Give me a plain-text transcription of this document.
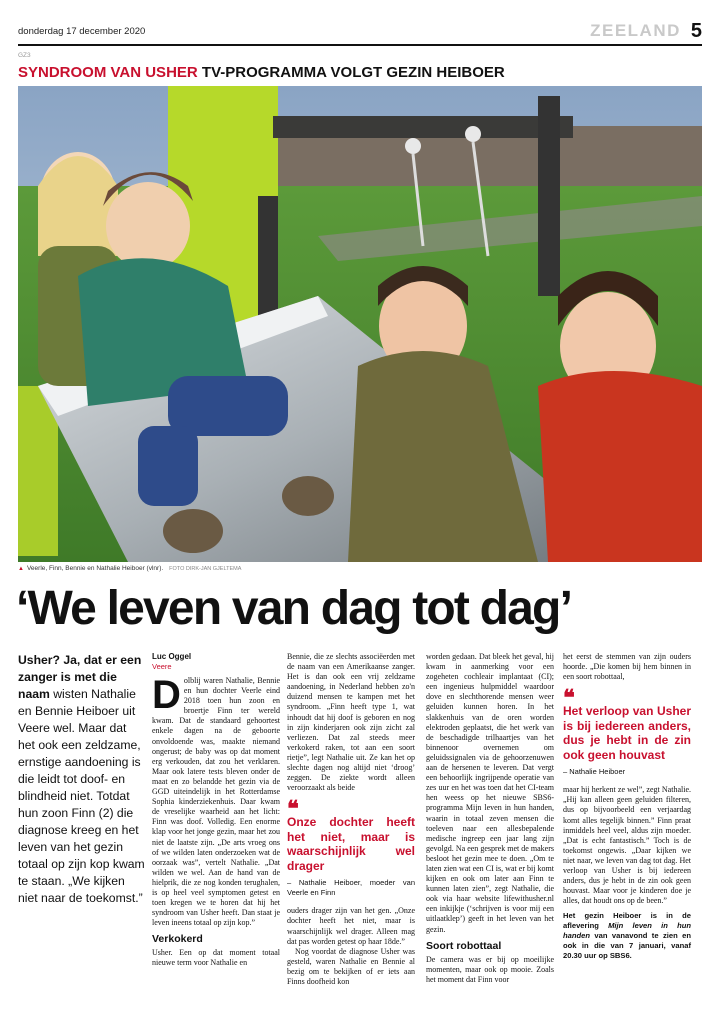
donderdag 17 december 2020	ZEELAND 5
GZ3
SYNDROOM VAN USHER TV-PROGRAMMA VOLGT GEZIN HEIBOER
▲ Veerle, Finn, Bennie en Nathalie Heiboer (vlnr). FOTO DIRK-JAN GJELTEMA
‘We leven van dag tot dag’
Usher? Ja, dat er een zanger is met die naam wisten Nathalie en Bennie Heiboer uit Veere wel. Maar dat het ook een zeldzame, ernstige aandoening is die leidt tot doof- en blindheid niet. Totdat hun zoon Finn (2) die diagnose kreeg en het leven van het gezin totaal op zijn kop kwam te staan. „We kijken niet naar de toekomst.”
Luc Oggel
Veere

Dolblij waren Nathalie, Bennie en hun dochter Veerle eind 2018 toen hun zoon en broertje Finn ter wereld kwam. Dat de standaard gehoortest enkele dagen na de geboorte onvoldoende was, maakte niemand ongerust; de baby was op dat moment erg verkouden, dat zou het verklaren. Maar ook latere tests bleven onder de maat en zo belandde het gezin via de GGD uiteindelijk in het Rotterdamse Sophia kinderziekenhuis. Daar kwam de vreselijke waarheid aan het licht: Finn was doof. Volledig. Een enorme klap voor het jonge gezin, maar het zou niet de laatste zijn. „De arts vroeg ons of we wilden laten onderzoeken wat de oorzaak was”, vertelt Nathalie. „Dat wilden we wel. Aan de hand van de hielprik, die ze nog konden terughalen, is op heel veel symptomen getest en toen kregen we te horen dat hij het syndroom van Usher heeft. Dan staat je leven ineens totaal op zijn kop.”

Verkokerd

Usher. Een op dat moment totaal nieuwe term voor Nathalie en

Bennie, die ze slechts associëerden met de naam van een Amerikaanse zanger. Het is dan ook een vrij zeldzame aandoening, in Nederland hebben zo'n duizend mensen te kampen met het syndroom. „Finn heeft type 1, wat inhoudt dat hij doof is geboren en nog in zijn kinderjaren ook zijn zicht zal verliezen. Dat zal steeds meer verkokerd raken, tot aan een soort rietje”, legt Nathalie uit. Ze kan het op slechte dagen nog altijd niet ‘droog’ zeggen. De ziekte wordt alleen veroorzaakt als beide

❝
Onze dochter heeft het niet, maar is waarschijnlijk wel drager
– Nathalie Heiboer, moeder van Veerle en Finn

ouders drager zijn van het gen. „Onze dochter heeft het niet, maar is waarschijnlijk wel drager. Alleen mag dat pas worden getest op haar 18de.”

Nog voordat de diagnose Usher was gesteld, waren Nathalie en Bennie al bezig om te bekijken of er iets aan Finns doofheid kon

worden gedaan. Dat bleek het geval, hij kwam in aanmerking voor een zogeheten cochleair implantaat (CI); een ingenieus hulpmiddel waardoor dove en slechthorende mensen weer geluiden kunnen horen. In het slakkenhuis van de oren worden elektroden geplaatst, die het werk van de beschadigde trilhaartjes van het binnenoor overnemen om geluidssignalen via de gehoorzenuwen aan de hersenen te leveren. Dat vergt een behoorlijk ingrijpende operatie van zes uur en het was toen dat het CI-team hen weess op het nieuwe SBS6-programma Mijn leven in hun handen, waarin in totaal zeven mensen die toeleven naar een allesbepalende medische ingreep een jaar lang zijn gevolgd. Na een gesprek met de makers besloot het gezin mee te doen. „Om te laten zien wat een CI is, wat er bij komt kijken en ook om later aan Finn te kunnen laten zien”, zegt Nathalie, die ook via haar website lifewithusher.nl een inkijkje (‘schrijven is voor mij een uitlaatklep’) geeft in het leven van het gezin.

Soort robottaal

De camera was er bij op moeilijke momenten, maar ook op mooie. Zoals het moment dat Finn voor

het eerst de stemmen van zijn ouders hoorde. „Die komen bij hem binnen in een soort robottaal,

❝
Het verloop van Usher is bij iedereen anders, dus je hebt in de zin ook geen houvast
– Nathalie Heiboer

maar hij herkent ze wel”, zegt Nathalie. „Hij kan alleen geen geluiden filteren, dus op bijvoorbeeld een verjaardag komt alles tegelijk binnen.” Finn praat inmiddels heel veel, aldus zijn moeder. „Dat is echt fantastisch.” Toch is de toekomst ongewis. „Daar kijken we niet naar, we leven van dag tot dag. Het verloop van Usher is bij iedereen anders, dus je hebt in de zin ook geen houvast. Maar voor je kinderen doe je alles, dat houdt ons op de been.”

Het gezin Heiboer is in de aflevering Mijn leven in hun handen van vanavond te zien en ook in die van 7 januari, vanaf 20.30 uur op SBS6.
